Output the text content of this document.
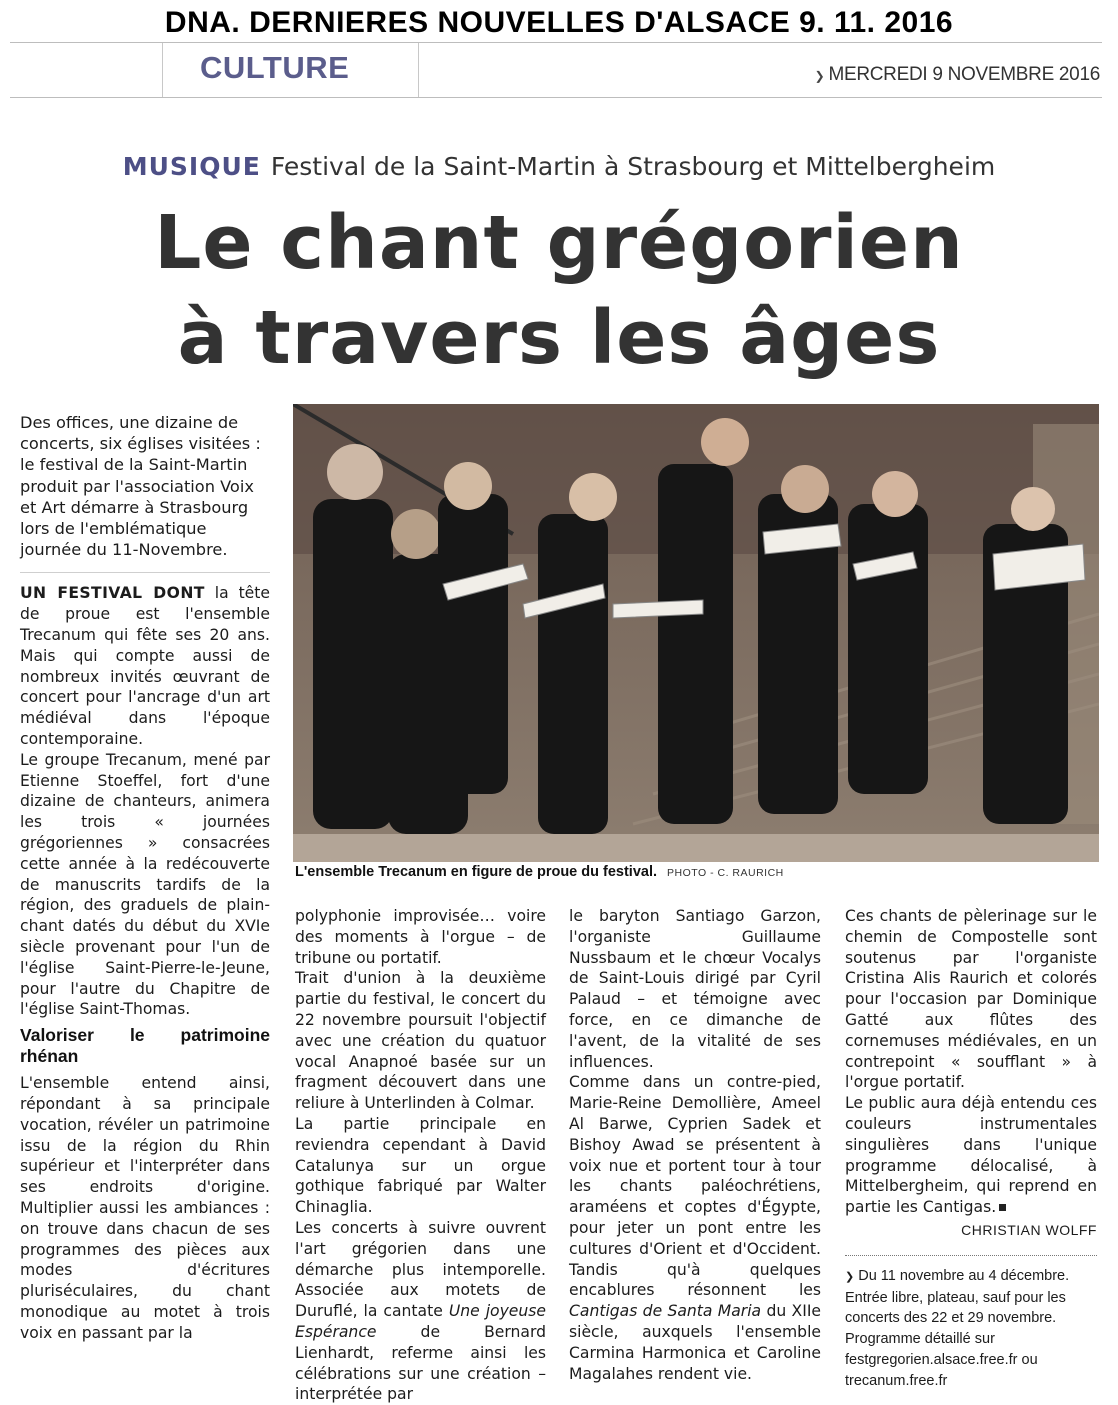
DNA. DERNIERES NOUVELLES D'ALSACE 9. 11. 2016
CULTURE	❯ MERCREDI 9 NOVEMBRE 2016
MUSIQUE Festival de la Saint-Martin à Strasbourg et Mittelbergheim
Le chant grégorien
à travers les âges

Des offices, une dizaine de concerts, six églises visitées : le festival de la Saint-Martin produit par l'association Voix et Art démarre à Strasbourg lors de l'emblématique journée du 11-Novembre.

UN FESTIVAL DONT la tête de proue est l'ensemble Trecanum qui fête ses 20 ans. Mais qui compte aussi de nombreux invités œuvrant de concert pour l'ancrage d'un art médiéval dans l'époque contemporaine.

Le groupe Trecanum, mené par Etienne Stoeffel, fort d'une dizaine de chanteurs, animera les trois « journées grégoriennes » consacrées cette année à la redécouverte de manuscrits tardifs de la région, des graduels de plain-chant datés du début du XVIe siècle provenant pour l'un de l'église Saint-Pierre-le-Jeune, pour l'autre du Chapitre de l'église Saint-Thomas.

Valoriser le patrimoine rhénan

L'ensemble entend ainsi, répondant à sa principale vocation, révéler un patrimoine issu de la région du Rhin supérieur et l'interpréter dans ses endroits d'origine. Multiplier aussi les ambiances : on trouve dans chacun de ses programmes des pièces aux modes d'écritures pluriséculaires, du chant monodique au motet à trois voix en passant par la

L'ensemble Trecanum en figure de proue du festival. PHOTO - C. RAURICH

polyphonie improvisée… voire des moments à l'orgue – de tribune ou portatif.

Trait d'union à la deuxième partie du festival, le concert du 22 novembre poursuit l'objectif avec une création du quatuor vocal Anapnoé basée sur un fragment découvert dans une reliure à Unterlinden à Colmar.

La partie principale en reviendra cependant à David Catalunya sur un orgue gothique fabriqué par Walter Chinaglia.

Les concerts à suivre ouvrent l'art grégorien dans une démarche plus intemporelle. Associée aux motets de Duruflé, la cantate Une joyeuse Espérance	de Bernard Lienhardt, referme ainsi les célébrations sur une création – interprétée par

le baryton Santiago Garzon, l'organiste Guillaume Nussbaum et le chœur Vocalys de Saint-Louis dirigé par Cyril Palaud – et témoigne avec force, en ce dimanche de l'avent, de la vitalité de ses influences.

Comme dans un contre-pied, Marie-Reine Demollière, Ameel Al Barwe, Cyprien Sadek et Bishoy Awad se présentent à voix nue et portent tour à tour les chants paléochrétiens, araméens et coptes d'Égypte, pour jeter un pont entre les cultures d'Orient et d'Occident. Tandis qu'à quelques encablures résonnent les Cantigas de Santa Maria du XIIe siècle, auxquels l'ensemble Carmina Harmonica et Caroline Magalahes rendent vie.

Ces chants de pèlerinage sur le chemin de Compostelle sont soutenus par l'organiste Cristina Alis Raurich et colorés pour l'occasion par Dominique Gatté aux flûtes des cornemuses médiévales, en un contrepoint « soufflant » à l'orgue portatif.

Le public aura déjà entendu ces couleurs instrumentales singulières dans l'unique programme délocalisé, à Mittelbergheim, qui reprend en partie les Cantigas.

CHRISTIAN WOLFF
❯ Du 11 novembre au 4 décembre.
Entrée libre, plateau, sauf pour les concerts des 22 et 29 novembre.
Programme détaillé sur festgregorien.alsace.free.fr ou trecanum.free.fr
